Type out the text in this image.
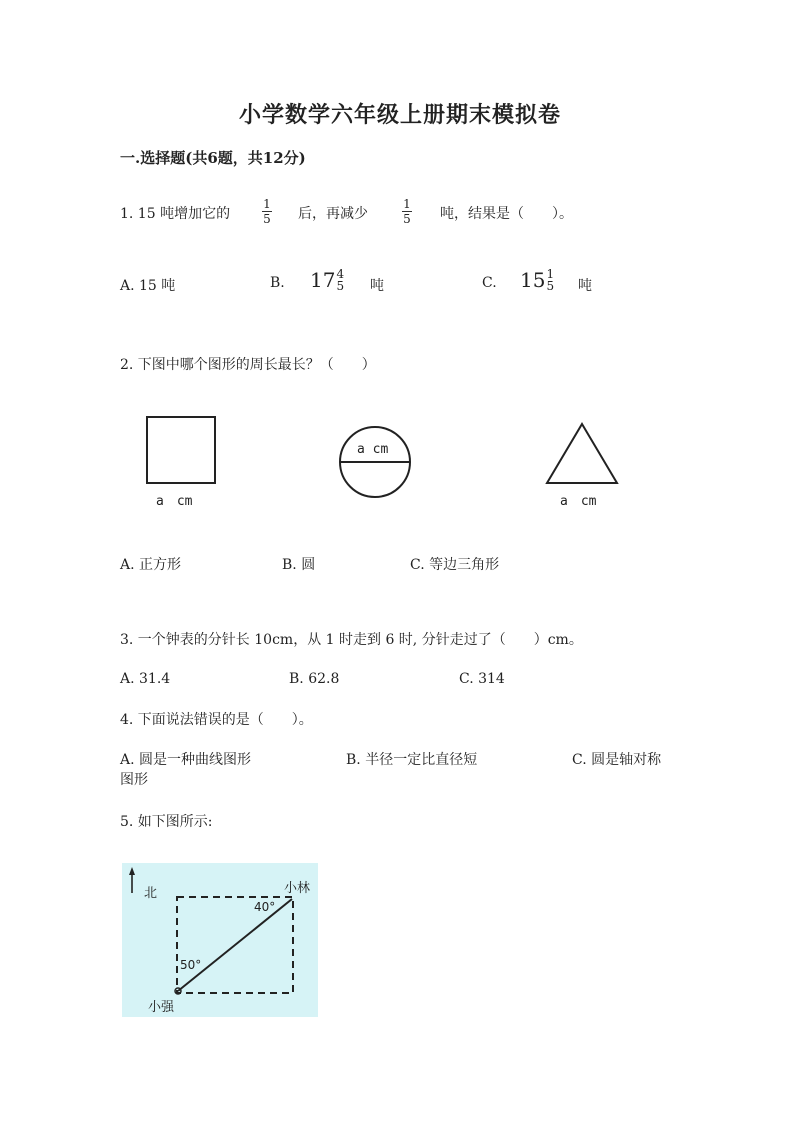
小学数学六年级上册期末模拟卷
一.选择题(共6题，共12分)
1. 15 吨增加它的
1
5 后，再减少
1
5 吨，结果是（　　）。
A. 15 吨	B. 17 4
5 吨	C. 15 1
5 吨
2. 下图中哪个图形的周长最长？（　　）
a　cm
a cm
a　cm
A. 正方形	B. 圆	C. 等边三角形
3. 一个钟表的分针长 10cm，从 1 时走到 6 时, 分针走过了（　　）cm。
A. 31.4	B. 62.8	C. 314
4. 下面说法错误的是（　　）。
A. 圆是一种曲线图形	B. 半径一定比直径短	C. 圆是轴对称
图形
5. 如下图所示:
北	小林
40°
50°
小强
